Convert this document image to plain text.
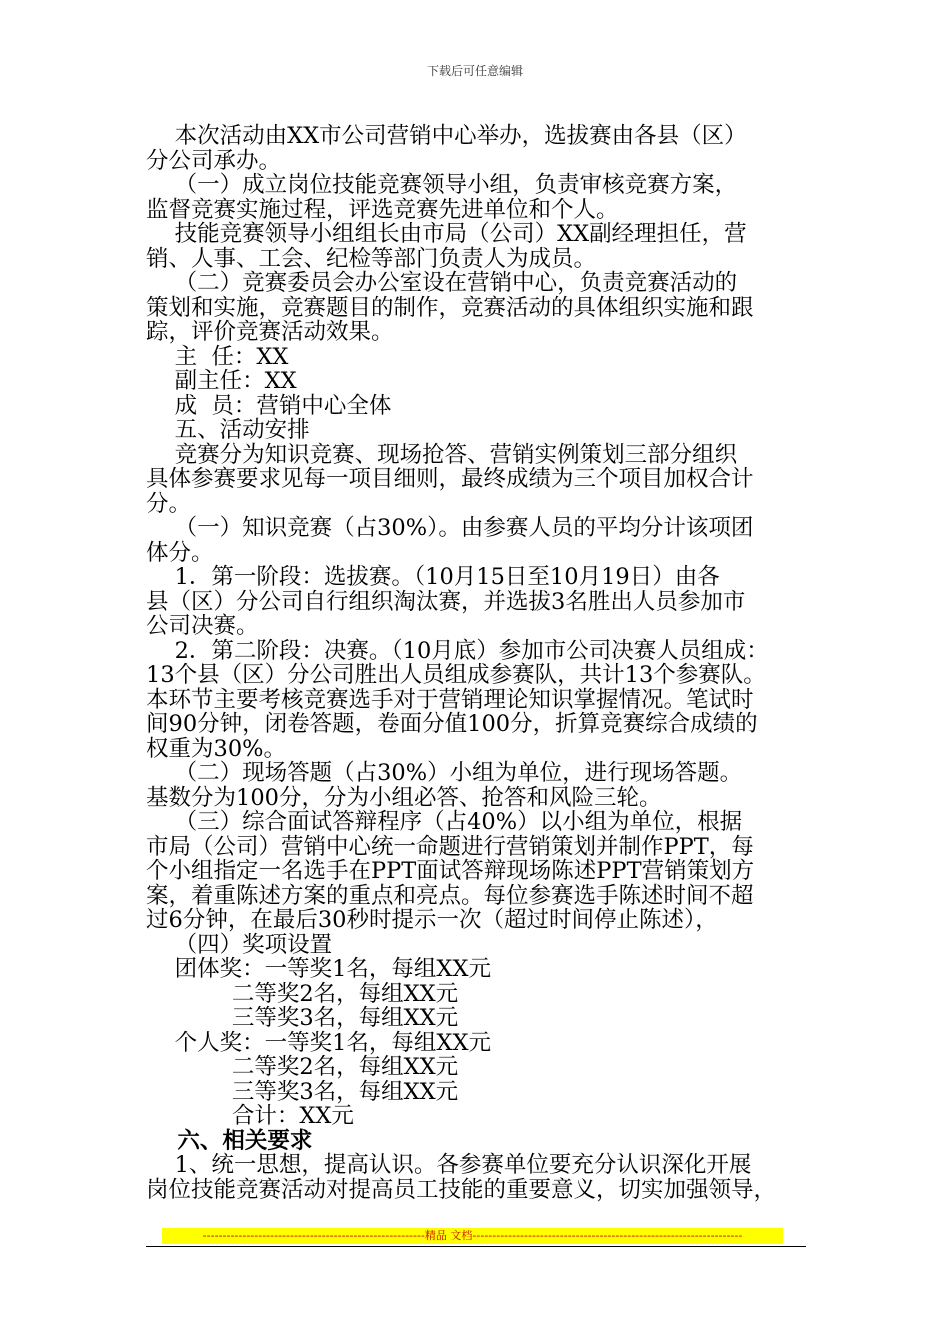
下载后可任意编辑
本次活动由XX市公司营销中心举办，选拔赛由各县（区）
分公司承办。
（一）成立岗位技能竞赛领导小组，负责审核竞赛方案，
监督竞赛实施过程，评选竞赛先进单位和个人。
技能竞赛领导小组组长由市局（公司）XX副经理担任，营
销、人事、工会、纪检等部门负责人为成员。
（二）竞赛委员会办公室设在营销中心，负责竞赛活动的
策划和实施，竞赛题目的制作，竞赛活动的具体组织实施和跟
踪，评价竞赛活动效果。
主  任：XX
副主任：XX
成  员：营销中心全体
五、活动安排
竞赛分为知识竞赛、现场抢答、营销实例策划三部分组织
具体参赛要求见每一项目细则，最终成绩为三个项目加权合计
分。
（一）知识竞赛（占30%）。由参赛人员的平均分计该项团
体分。
1．第一阶段：选拔赛。（10月15日至10月19日）由各
县（区）分公司自行组织淘汰赛，并选拔3名胜出人员参加市
公司决赛。
2．第二阶段：决赛。（10月底）参加市公司决赛人员组成：
13个县（区）分公司胜出人员组成参赛队，共计13个参赛队。
本环节主要考核竞赛选手对于营销理论知识掌握情况。笔试时
间90分钟，闭卷答题，卷面分值100分，折算竞赛综合成绩的
权重为30%。
（二）现场答题（占30%）小组为单位，进行现场答题。
基数分为100分，分为小组必答、抢答和风险三轮。
（三）综合面试答辩程序（占40%）以小组为单位，根据
市局（公司）营销中心统一命题进行营销策划并制作PPT，每
个小组指定一名选手在PPT面试答辩现场陈述PPT营销策划方
案，着重陈述方案的重点和亮点。每位参赛选手陈述时间不超
过6分钟，在最后30秒时提示一次（超过时间停止陈述），
（四）奖项设置
团体奖：一等奖1名，每组XX元
二等奖2名，每组XX元
三等奖3名，每组XX元
个人奖：一等奖1名，每组XX元
二等奖2名，每组XX元
三等奖3名，每组XX元
合计：XX元
六、相关要求
1、统一思想，提高认识。各参赛单位要充分认识深化开展
岗位技能竞赛活动对提高员工技能的重要意义，切实加强领导，
--------------------------------------------------------精品 文档--------------------------------------------------------------------
